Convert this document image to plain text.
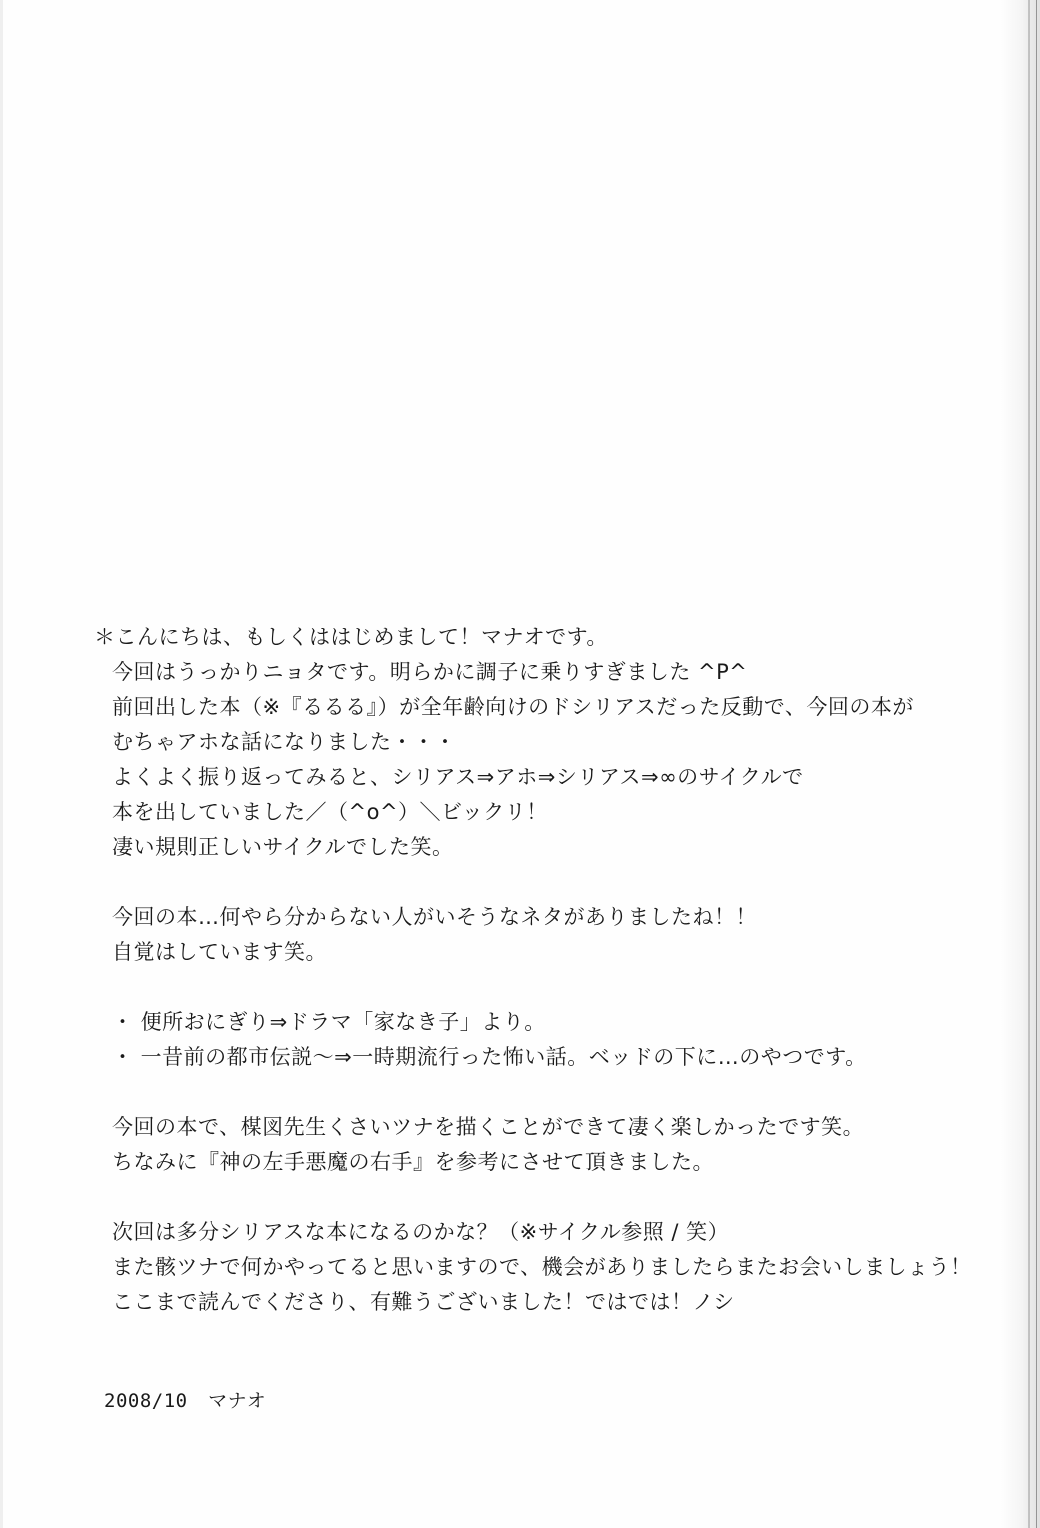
＊こんにちは、もしくははじめまして！マナオです。
今回はうっかりニョタです。明らかに調子に乗りすぎました ^P^
前回出した本（※『るるる』）が全年齢向けのドシリアスだった反動で、今回の本が
むちゃアホな話になりました・・・
よくよく振り返ってみると、シリアス⇒アホ⇒シリアス⇒∞のサイクルで
本を出していました／（^o^）＼ビックリ！
凄い規則正しいサイクルでした笑。
今回の本…何やら分からない人がいそうなネタがありましたね！！
自覚はしています笑。
・ 便所おにぎり⇒ドラマ「家なき子」より。
・ 一昔前の都市伝説〜⇒一時期流行った怖い話。ベッドの下に…のやつです。
今回の本で、楳図先生くさいツナを描くことができて凄く楽しかったです笑。
ちなみに『神の左手悪魔の右手』を参考にさせて頂きました。
次回は多分シリアスな本になるのかな？（※サイクル参照 / 笑）
また骸ツナで何かやってると思いますので、機会がありましたらまたお会いしましょう！
ここまで読んでくださり、有難うございました！ではでは！ノシ
2008/10 マナオ
